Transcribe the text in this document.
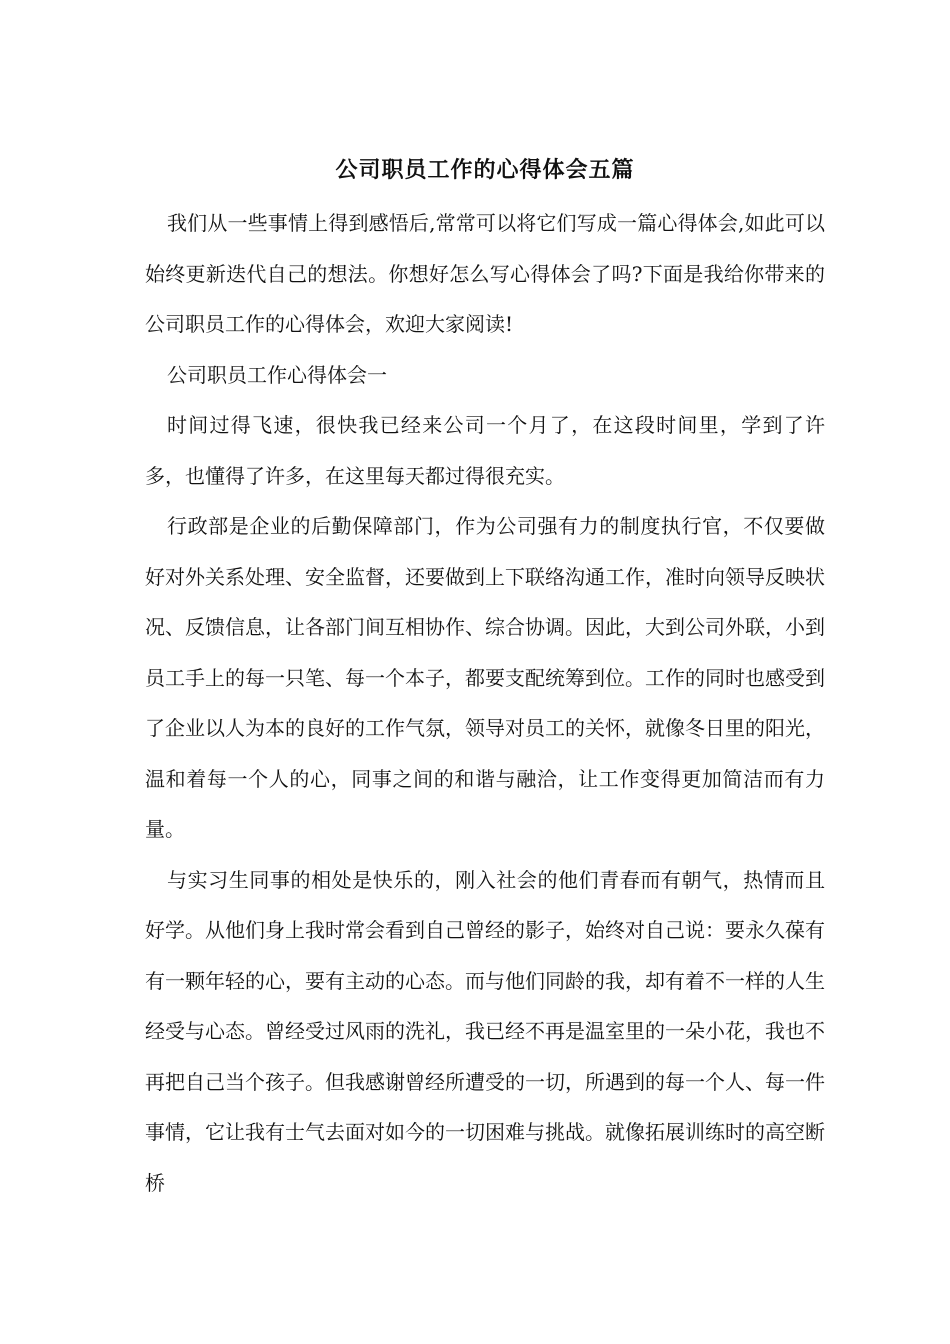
公司职员工作的心得体会五篇

我们从一些事情上得到感悟后,常常可以将它们写成一篇心得体会,如此可以始终更新迭代自己的想法。你想好怎么写心得体会了吗?下面是我给你带来的公司职员工作的心得体会，欢迎大家阅读!

公司职员工作心得体会一

时间过得飞速，很快我已经来公司一个月了，在这段时间里，学到了许多，也懂得了许多，在这里每天都过得很充实。

行政部是企业的后勤保障部门，作为公司强有力的制度执行官，不仅要做好对外关系处理、安全监督，还要做到上下联络沟通工作，准时向领导反映状况、反馈信息，让各部门间互相协作、综合协调。因此，大到公司外联，小到员工手上的每一只笔、每一个本子，都要支配统筹到位。工作的同时也感受到了企业以人为本的良好的工作气氛，领导对员工的关怀，就像冬日里的阳光，温和着每一个人的心，同事之间的和谐与融洽，让工作变得更加简洁而有力量。

与实习生同事的相处是快乐的，刚入社会的他们青春而有朝气，热情而且好学。从他们身上我时常会看到自己曾经的影子，始终对自己说：要永久葆有有一颗年轻的心，要有主动的心态。而与他们同龄的我，却有着不一样的人生经受与心态。曾经受过风雨的洗礼，我已经不再是温室里的一朵小花，我也不再把自己当个孩子。但我感谢曾经所遭受的一切，所遇到的每一个人、每一件事情，它让我有士气去面对如今的一切困难与挑战。就像拓展训练时的高空断桥
